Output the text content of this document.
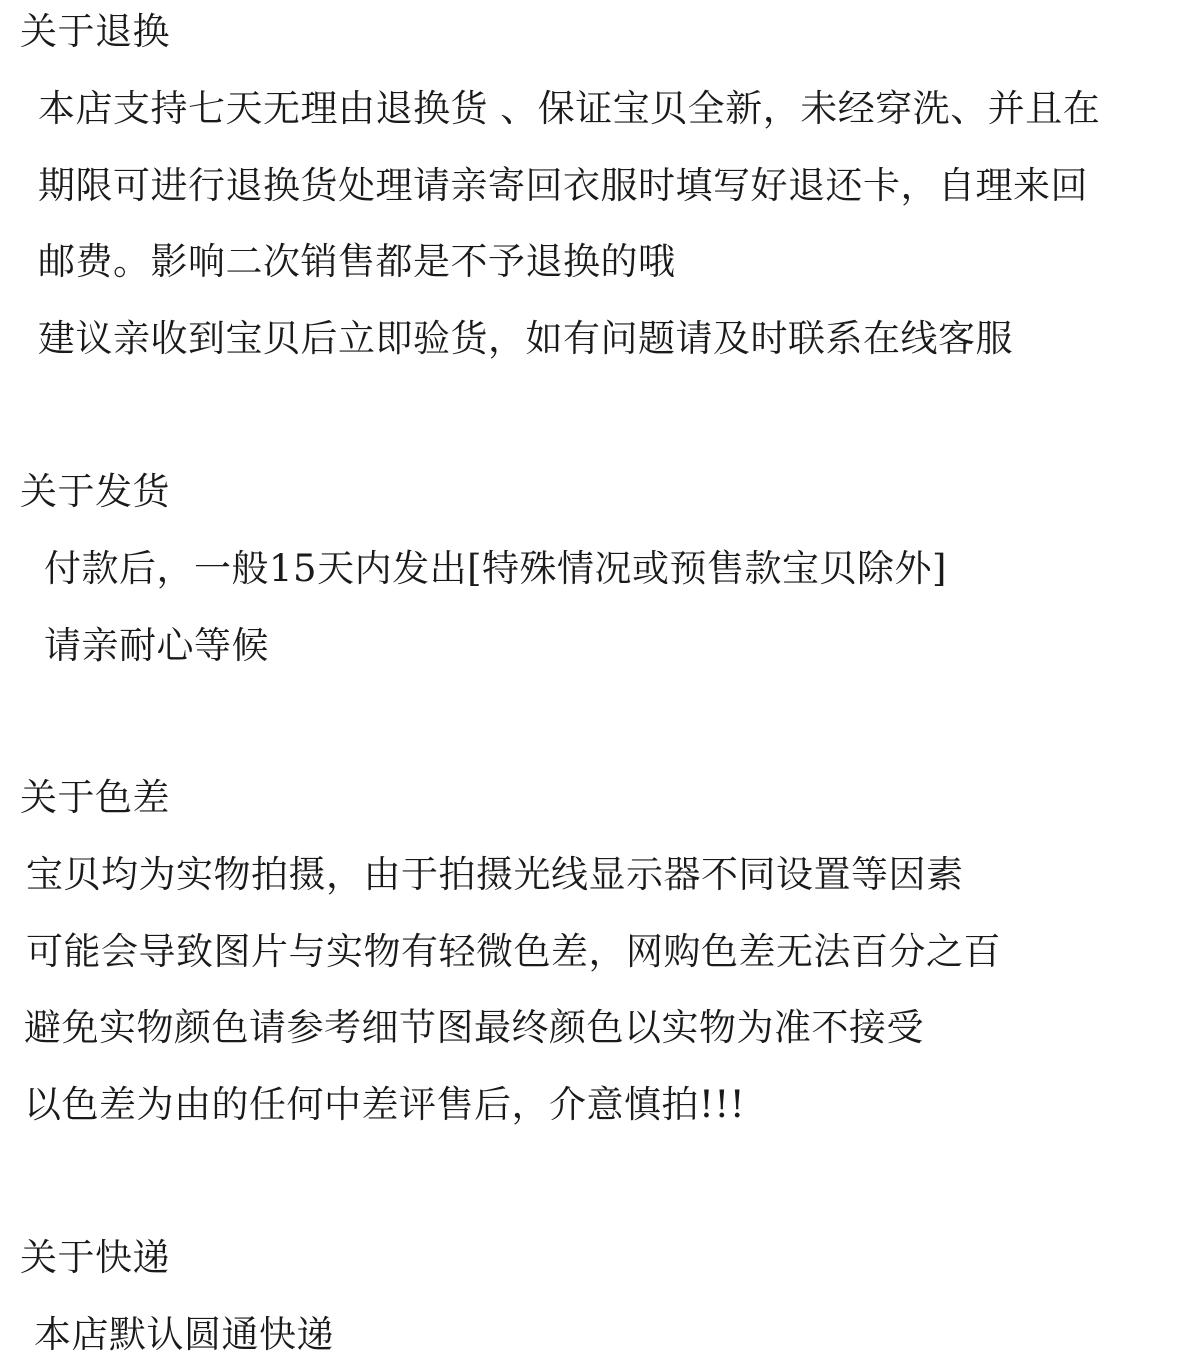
关于退换
本店支持七天无理由退换货 、保证宝贝全新，未经穿洗、并且在
期限可进行退换货处理请亲寄回衣服时填写好退还卡，自理来回
邮费。影响二次销售都是不予退换的哦
建议亲收到宝贝后立即验货，如有问题请及时联系在线客服
关于发货
付款后，一般15天内发出[特殊情况或预售款宝贝除外]
请亲耐心等候
关于色差
宝贝均为实物拍摄，由于拍摄光线显示器不同设置等因素
可能会导致图片与实物有轻微色差，网购色差无法百分之百
避免实物颜色请参考细节图最终颜色以实物为准不接受
以色差为由的任何中差评售后，介意慎拍!!!
关于快递
本店默认圆通快递
